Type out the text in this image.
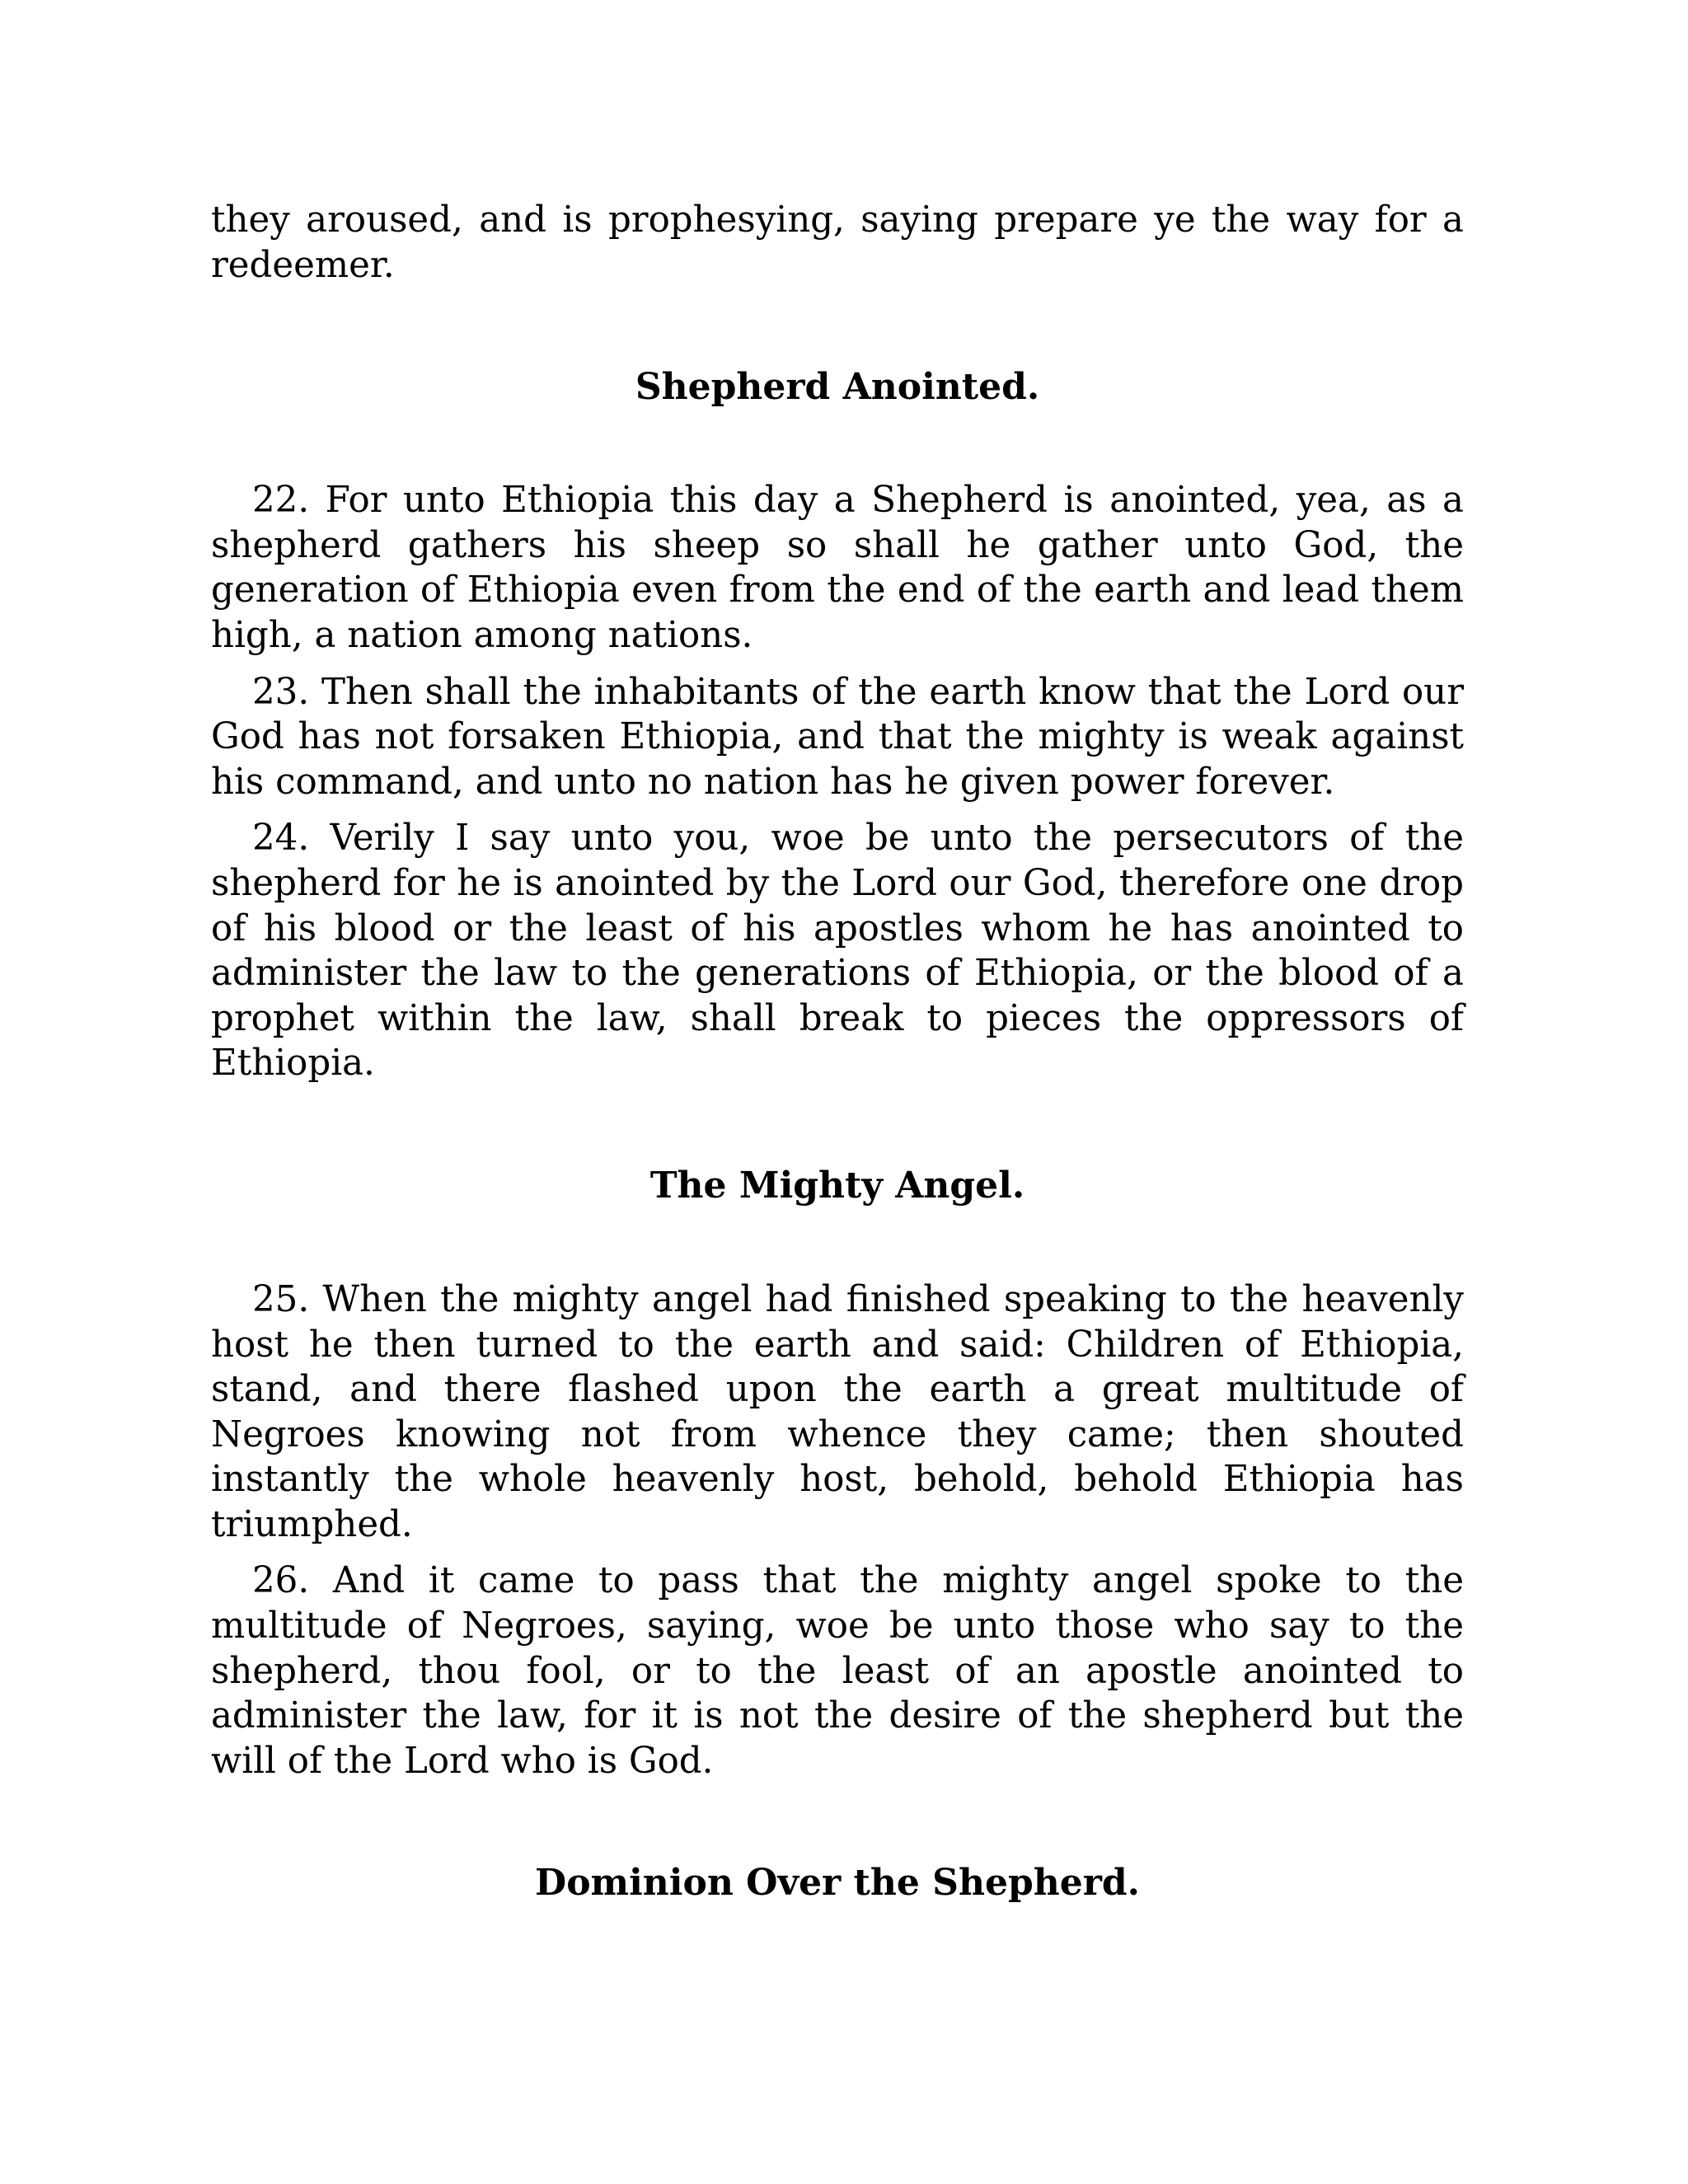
they aroused, and is prophesying, saying prepare ye the way for a redeemer.

Shepherd Anointed.

22. For unto Ethiopia this day a Shepherd is anointed, yea, as a shepherd gathers his sheep so shall he gather unto God, the generation of Ethiopia even from the end of the earth and lead them high, a nation among nations.

23. Then shall the inhabitants of the earth know that the Lord our God has not forsaken Ethiopia, and that the mighty is weak against his command, and unto no nation has he given power forever.

24. Verily I say unto you, woe be unto the persecutors of the shepherd for he is anointed by the Lord our God, therefore one drop of his blood or the least of his apostles whom he has anointed to administer the law to the generations of Ethiopia, or the blood of a prophet within the law, shall break to pieces the oppressors of Ethiopia.

The Mighty Angel.

25. When the mighty angel had finished speaking to the heavenly host he then turned to the earth and said: Children of Ethiopia, stand, and there flashed upon the earth a great multitude of Negroes knowing not from whence they came; then shouted instantly the whole heavenly host, behold, behold Ethiopia has triumphed.

26. And it came to pass that the mighty angel spoke to the multitude of Negroes, saying, woe be unto those who say to the shepherd, thou fool, or to the least of an apostle anointed to administer the law, for it is not the desire of the shepherd but the will of the Lord who is God.

Dominion Over the Shepherd.
